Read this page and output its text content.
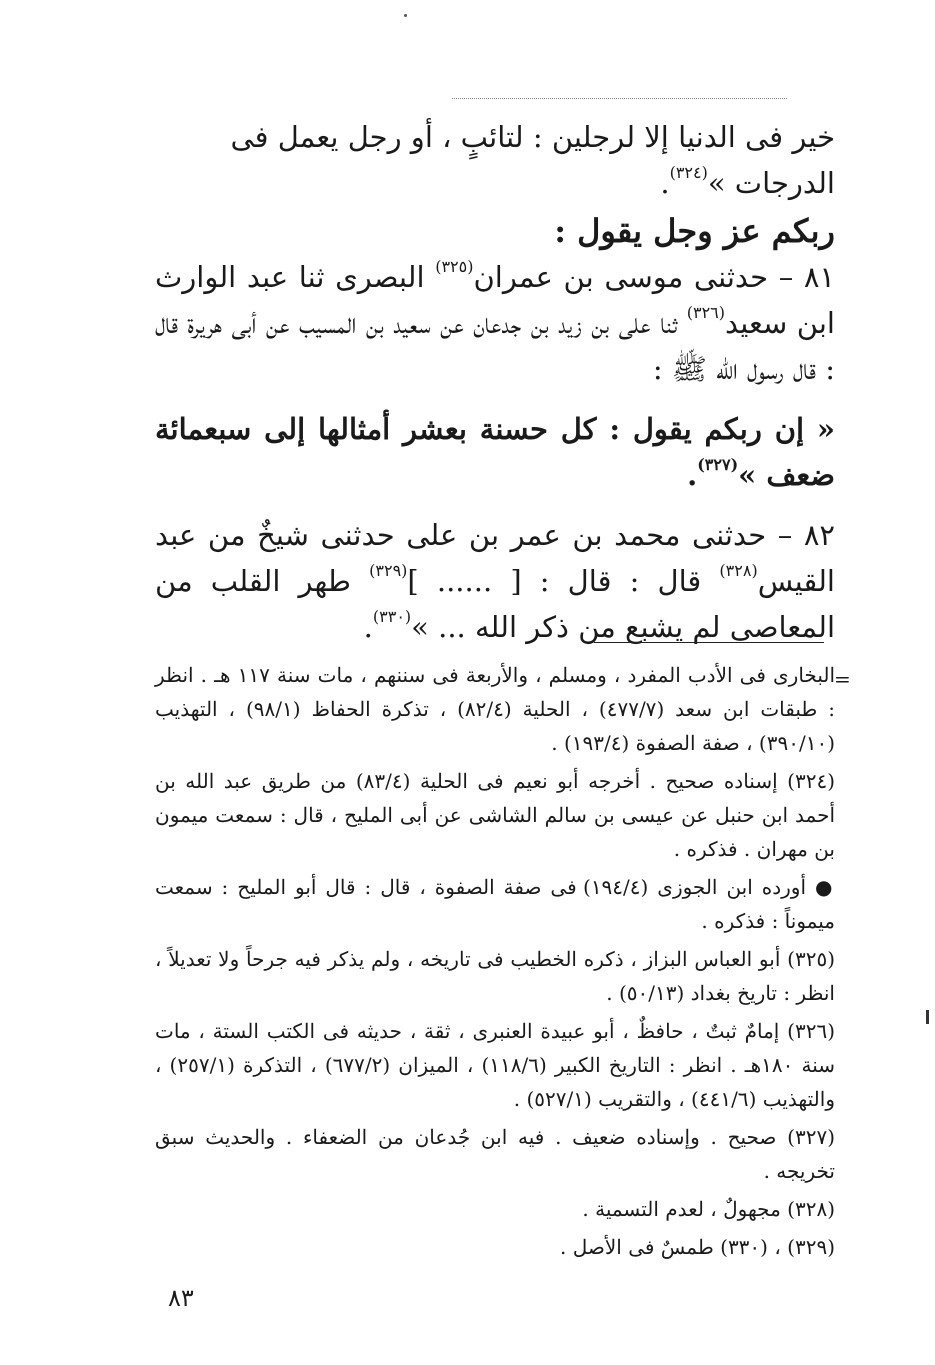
خير فى الدنيا إلا لرجلين : لتائبٍ ، أو رجل يعمل فى

الدرجات »$^{(٣٢٤)}$.

ربكم عز وجل يقول :

٨١ – حدثنى موسى بن عمران$^{(٣٢٥)}$ البصرى ثنا عبد الوارث ابن سعيد$^{(٣٢٦)}$ ثنا على بن زيد بن جدعان عن سعيد بن المسيب عن أبى هريرة قال : قال رسول الله ﷺ :

« إن ربكم يقول : كل حسنة بعشر أمثالها إلى سبعمائة ضعف »$^{(٣٢٧)}$.

٨٢ – حدثنى محمد بن عمر بن على حدثنى شيخٌ من عبد القيس$^{(٣٢٨)}$ قال : قال : [ ...... ]$^{(٣٢٩)}$ طهر القلب من المعاصى لم يشبع من ذكر الله ... »$^{(٣٣٠)}$.

=

البخارى فى الأدب المفرد ، ومسلم ، والأربعة فى سننهم ، مات سنة ١١٧ هـ . انظر : طبقات ابن سعد (٤٧٧/٧) ، الحلية (٨٢/٤) ، تذكرة الحفاظ (٩٨/١) ، التهذيب (٣٩٠/١٠) ، صفة الصفوة (١٩٣/٤) .

(٣٢٤) إسناده صحيح . أخرجه أبو نعيم فى الحلية (٨٣/٤) من طريق عبد الله بن أحمد ابن حنبل عن عيسى بن سالم الشاشى عن أبى المليح ، قال : سمعت ميمون بن مهران . فذكره .

● أورده ابن الجوزى (١٩٤/٤) فى صفة الصفوة ، قال : قال أبو المليح : سمعت ميموناً : فذكره .

(٣٢٥) أبو العباس البزاز ، ذكره الخطيب فى تاريخه ، ولم يذكر فيه جرحاً ولا تعديلاً ، انظر : تاريخ بغداد (٥٠/١٣) .

(٣٢٦) إمامٌ ثبتٌ ، حافظٌ ، أبو عبيدة العنبرى ، ثقة ، حديثه فى الكتب الستة ، مات سنة ١٨٠هـ . انظر : التاريخ الكبير (١١٨/٦) ، الميزان (٦٧٧/٢) ، التذكرة (٢٥٧/١) ، والتهذيب (٤٤١/٦) ، والتقريب (٥٢٧/١) .

(٣٢٧) صحيح . وإسناده ضعيف . فيه ابن جُدعان من الضعفاء . والحديث سبق تخريجه .

(٣٢٨) مجهولٌ ، لعدم التسمية .

(٣٢٩) ، (٣٣٠) طمسٌ فى الأصل .

٨٣
